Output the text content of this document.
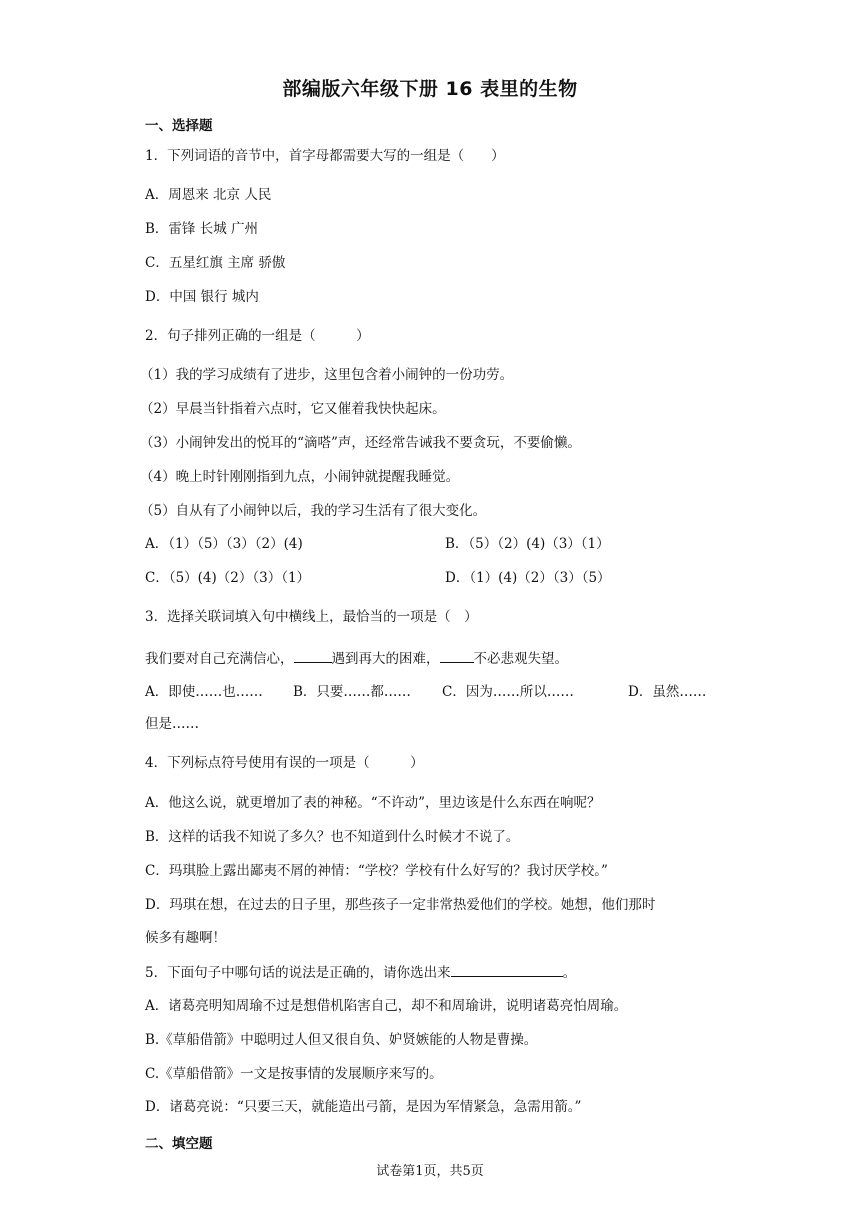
部编版六年级下册 16 表里的生物
一、选择题
1．下列词语的音节中，首字母都需要大写的一组是（　　）
A．周恩来 北京 人民
B．雷锋 长城 广州
C．五星红旗 主席 骄傲
D．中国 银行 城内
2．句子排列正确的一组是（　　　）
（1）我的学习成绩有了进步，这里包含着小闹钟的一份功劳。
（2）早晨当针指着六点时，它又催着我快快起床。
（3）小闹钟发出的悦耳的“滴嗒”声，还经常告诫我不要贪玩，不要偷懒。
（4）晚上时针刚刚指到九点，小闹钟就提醒我睡觉。
（5）自从有了小闹钟以后，我的学习生活有了很大变化。
A．（1）（5）（3）（2）(4)	B．（5）（2）(4)（3）（1）
C．（5）(4)（2）（3）（1）	D．（1）(4)（2）（3）（5）
3．选择关联词填入句中横线上，最恰当的一项是（　）
我们要对自己充满信心，	遇到再大的困难，	不必悲观失望。
A．即使……也…… B．只要……都…… C．因为……所以……	D．虽然……
但是……
4．下列标点符号使用有误的一项是（　　　）
A．他这么说，就更增加了表的神秘。“不许动”，里边该是什么东西在响呢？
B．这样的话我不知说了多久？也不知道到什么时候才不说了。
C．玛琪脸上露出鄙夷不屑的神情：“学校？学校有什么好写的？我讨厌学校。”
D．玛琪在想，在过去的日子里，那些孩子一定非常热爱他们的学校。她想，他们那时
候多有趣啊！
5．下面句子中哪句话的说法是正确的，请你选出来	。
A．诸葛亮明知周瑜不过是想借机陷害自己，却不和周瑜讲，说明诸葛亮怕周瑜。
B.《草船借箭》中聪明过人但又很自负、妒贤嫉能的人物是曹操。
C.《草船借箭》一文是按事情的发展顺序来写的。
D．诸葛亮说：“只要三天，就能造出弓箭，是因为军情紧急，急需用箭。”
二、填空题
试卷第1页，共5页
